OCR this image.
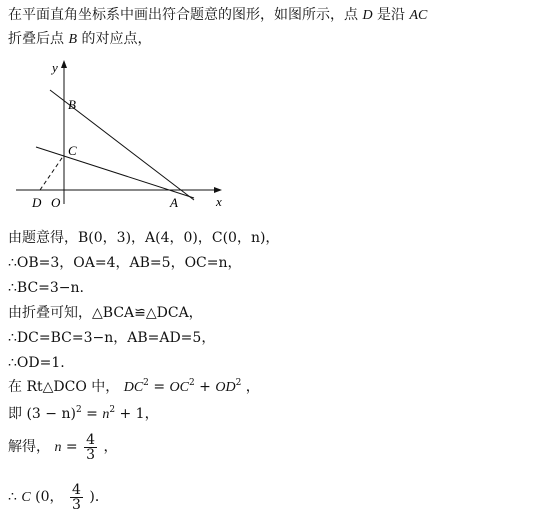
在平面直角坐标系中画出符合题意的图形，如图所示，点 D 是沿 AC
折叠后点 B 的对应点，
y
x
B
C
A
D O
由题意得，B(0，3)，A(4，0)，C(0，n)，
∴OB=3，OA=4，AB=5，OC=n，
∴BC=3−n.
由折叠可知，△BCA≌△DCA，
∴DC=BC=3−n，AB=AD=5，
∴OD=1.
在 Rt△DCO 中， $DC^2 = OC^2 + OD^2$ ，
即 $(3 - n)^2 = n^2 + 1$，
解得， $n = \frac{4}{3}$ ，
∴ C (0， $\frac{4}{3}$ )．
